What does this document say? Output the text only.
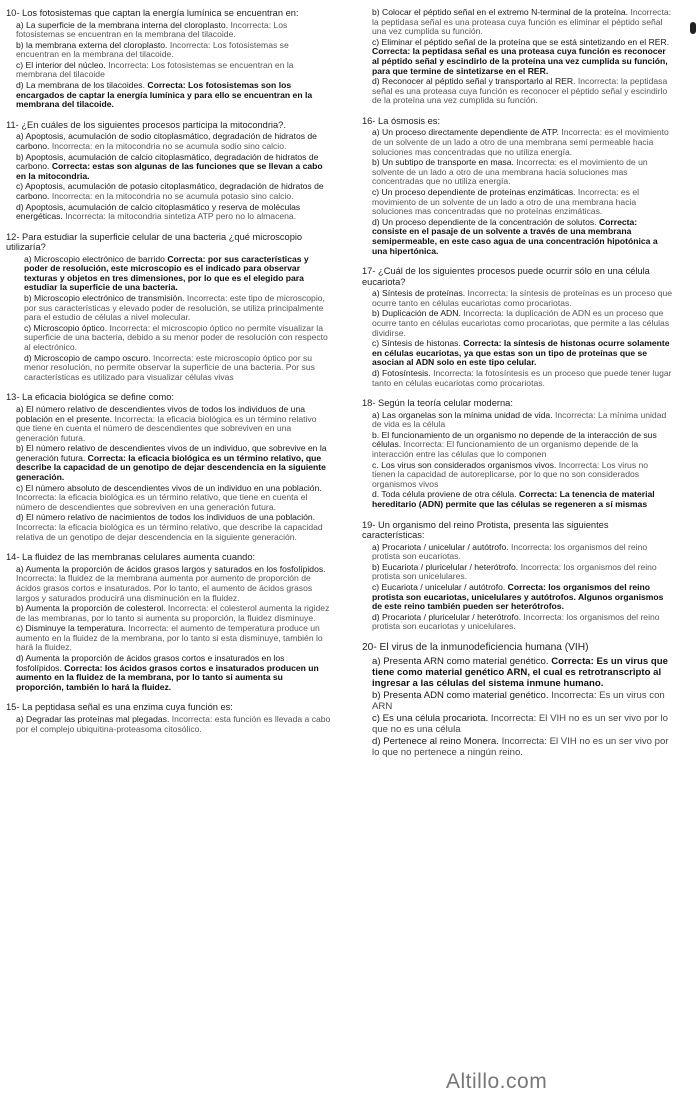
10- Los fotosistemas que captan la energía lumínica se encuentran en:
a) La superficie de la membrana interna del cloroplasto. Incorrecta: Los fotosistemas se encuentran en la membrana del tilacoide.
b) la membrana externa del cloroplasto. Incorrecta: Los fotosistemas se encuentran en la membrana del tilacoide.
c) El interior del núcleo. Incorrecta: Los fotosistemas se encuentran en la membrana del tilacoide
d) La membrana de los tilacoides. Correcta: Los fotosistemas son los encargados de captar la energía lumínica y para ello se encuentran en la membrana del tilacoide.
11- ¿En cuáles de los siguientes procesos participa la mitocondria?.
a) Apoptosis, acumulación de sodio citoplasmático, degradación de hidratos de carbono. Incorrecta: en la mitocondria no se acumula sodio sino calcio.
b) Apoptosis, acumulación de calcio citoplasmático, degradación de hidratos de carbono. Correcta: estas son algunas de las funciones que se llevan a cabo en la mitocondria.
c) Apoptosis, acumulación de potasio citoplasmático, degradación de hidratos de carbono. Incorrecta: en la mitocondria no se acumula potasio sino calcio.
d) Apoptosis, acumulación de calcio citoplasmático y reserva de moléculas energéticas. Incorrecta: la mitocondria sintetiza ATP pero no lo almacena.
12- Para estudiar la superficie celular de una bacteria ¿qué microscopio utilizaría?
a) Microscopio electrónico de barrido Correcta: por sus características y poder de resolución, este microscopio es el indicado para observar texturas y objetos en tres dimensiones, por lo que es el elegido para estudiar la superficie de una bacteria.
b) Microscopio electrónico de transmisión. Incorrecta: este tipo de microscopio, por sus características y elevado poder de resolución, se utiliza principalmente para el estudio de células a nivel molecular.
c) Microscopio óptico. Incorrecta: el microscopio óptico no permite visualizar la superficie de una bacteria, debido a su menor poder de resolución con respecto al electrónico.
d) Microscopio de campo oscuro. Incorrecta: este microscopio óptico por su menor resolución, no permite observar la superficie de una bacteria. Por sus características es utilizado para visualizar células vivas
13- La eficacia biológica se define como:
a) El número relativo de descendientes vivos de todos los individuos de una población en el presente. Incorrecta: la eficacia biológica es un término relativo que tiene en cuenta el número de descendientes que sobreviven en una generación futura.
b) El número relativo de descendientes vivos de un individuo, que sobrevive en la generación futura. Correcta: la eficacia biológica es un término relativo, que describe la capacidad de un genotipo de dejar descendencia en la siguiente generación.
c) El número absoluto de descendientes vivos de un individuo en una población. Incorrecta: la eficacia biológica es un término relativo, que tiene en cuenta el número de descendientes que sobreviven en una generación futura.
d) El número relativo de nacimientos de todos los individuos de una población. Incorrecta: la eficacia biológica es un término relativo, que describe la capacidad relativa de un genotipo de dejar descendencia en la siguiente generación.
14- La fluidez de las membranas celulares aumenta cuando:
a) Aumenta la proporción de ácidos grasos largos y saturados en los fosfolípidos. Incorrecta: la fluidez de la membrana aumenta por aumento de proporción de ácidos grasos cortos e insaturados. Por lo tanto, el aumento de ácidos grasos largos y saturados producirá una disminución en la fluidez.
b) Aumenta la proporción de colesterol. Incorrecta: el colesterol aumenta la rigidez de las membranas, por lo tanto si aumenta su proporción, la fluidez disminuye.
c) Disminuye la temperatura. Incorrecta: el aumento de temperatura produce un aumento en la fluidez de la membrana, por lo tanto si esta disminuye, también lo hará la fluidez.
d) Aumenta la proporción de ácidos grasos cortos e insaturados en los fosfolípidos. Correcta: los ácidos grasos cortos e insaturados producen un aumento en la fluidez de la membrana, por lo tanto si aumenta su proporción, también lo hará la fluidez.
15- La peptidasa señal es una enzima cuya función es:
a) Degradar las proteínas mal plegadas. Incorrecta: esta función es llevada a cabo por el complejo ubiquitina-proteasoma citosólico.
b) Colocar el péptido señal en el extremo N-terminal de la proteína. Incorrecta: la peptidasa señal es una proteasa cuya función es eliminar el péptido señal una vez cumplida su función.
c) Eliminar el péptido señal de la proteína que se está sintetizando en el RER. Correcta: la peptidasa señal es una proteasa cuya función es reconocer al péptido señal y escindirlo de la proteína una vez cumplida su función, para que termine de sintetizarse en el RER.
d) Reconocer al péptido señal y transportarlo al RER. Incorrecta: la peptidasa señal es una proteasa cuya función es reconocer el péptido señal y escindirlo de la proteína una vez cumplida su función.
16- La ósmosis es:
a) Un proceso directamente dependiente de ATP. Incorrecta: es el movimiento de un solvente de un lado a otro de una membrana semi permeable hacia soluciones mas concentradas que no utiliza energía.
b) Un subtipo de transporte en masa. Incorrecta: es el movimiento de un solvente de un lado a otro de una membrana hacia soluciones mas concentradas que no utiliza energía.
c) Un proceso dependiente de proteínas enzimáticas. Incorrecta: es el movimiento de un solvente de un lado a otro de una membrana hacia soluciones mas concentradas que no proteínas enzimáticas.
d) Un proceso dependiente de la concentración de solutos. Correcta: consiste en el pasaje de un solvente a través de una membrana semipermeable, en este caso agua de una concentración hipotónica a una hipertónica.
17- ¿Cuál de los siguientes procesos puede ocurrir sólo en una célula eucariota?
a) Síntesis de proteínas. Incorrecta: la síntesis de proteínas es un proceso que ocurre tanto en células eucariotas como procariotas.
b) Duplicación de ADN. Incorrecta: la duplicación de ADN es un proceso que ocurre tanto en células eucariotas como procariotas, que permite a las células dividirse.
c) Síntesis de histonas. Correcta: la síntesis de histonas ocurre solamente en células eucariotas, ya que estas son un tipo de proteínas que se asocian al ADN solo en este tipo celular.
d) Fotosíntesis. Incorrecta: la fotosíntesis es un proceso que puede tener lugar tanto en células eucariotas como procariotas.
18- Según la teoría celular moderna:
a) Las organelas son la mínima unidad de vida. Incorrecta: La mínima unidad de vida es la célula
b. El funcionamiento de un organismo no depende de la interacción de sus células. Incorrecta: El funcionamiento de un organismo depende de la interacción entre las células que lo componen
c. Los virus son considerados organismos vivos. Incorrecta: Los virus no tienen la capacidad de autoreplicarse, por lo que no son considerados organismos vivos
d. Toda célula proviene de otra célula. Correcta: La tenencia de material hereditario (ADN) permite que las células se regeneren a sí mismas
19- Un organismo del reino Protista, presenta las siguientes características:
a) Procariota / unicelular / autótrofo. Incorrecta: los organismos del reino protista son eucariotas.
b) Eucariota / pluricelular / heterótrofo. Incorrecta: los organismos del reino protista son unicelulares.
c) Eucariota / unicelular / autótrofo. Correcta: los organismos del reino protista son eucariotas, unicelulares y autótrofos. Algunos organismos de este reino también pueden ser heterótrofos.
d) Procariota / pluricelular / heterótrofo. Incorrecta: los organismos del reino protista son eucariotas y unicelulares.
20- El virus de la inmunodeficiencia humana (VIH)
a) Presenta ARN como material genético. Correcta: Es un virus que tiene como material genético ARN, el cual es retrotranscripto al ingresar a las células del sistema inmune humano.
b) Presenta ADN como material genético. Incorrecta: Es un virus con ARN
c) Es una célula procariota. Incorrecta: El VIH no es un ser vivo por lo que no es una célula
d) Pertenece al reino Monera. Incorrecta: El VIH no es un ser vivo por lo que no pertenece a ningún reino.
Altillo.com
